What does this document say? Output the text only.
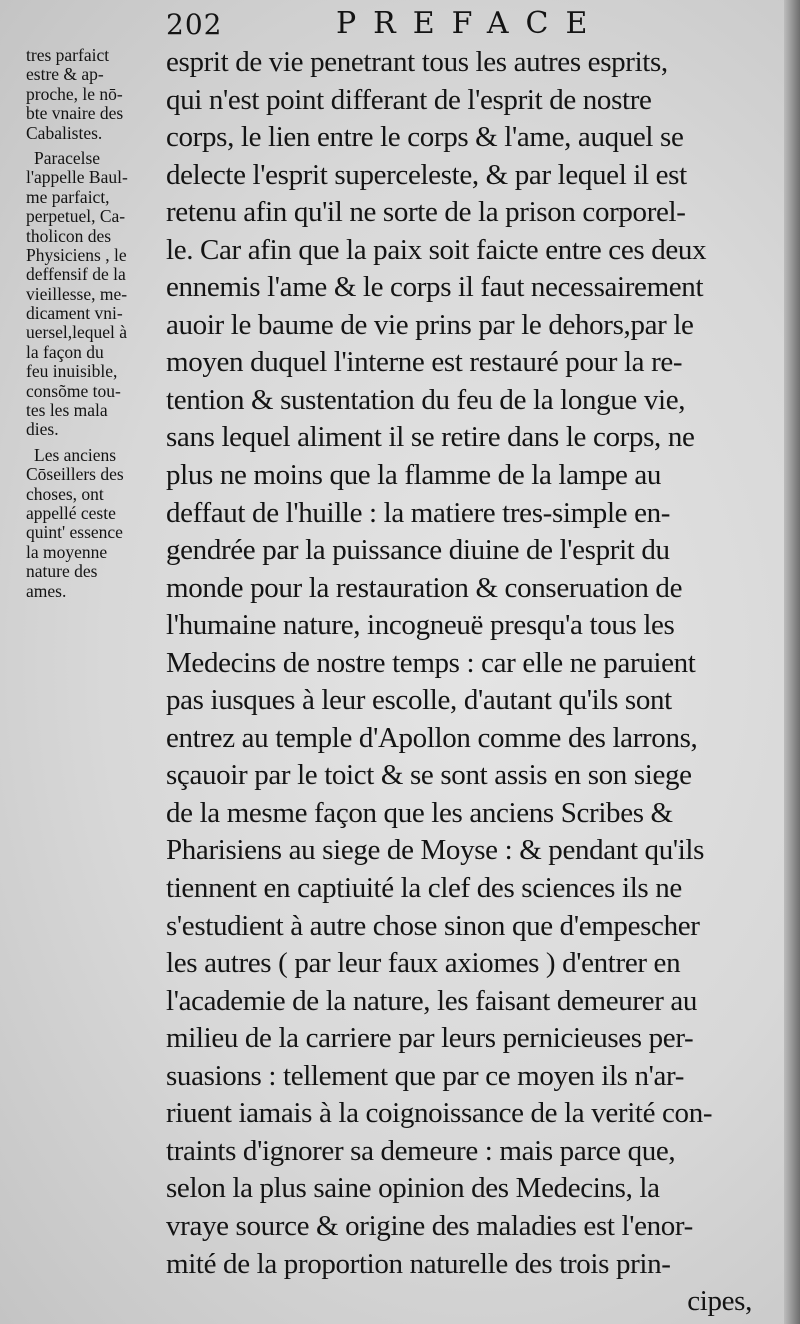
202	PREFACE
tres parfaict
estre & ap-
proche, le nō-
bte vnaire des
Cabalistes.
Paracelse
l'appelle Baul-
me parfaict,
perpetuel, Ca-
tholicon des
Physiciens , le
deffensif de la
vieillesse, me-
dicament vni-
uersel,lequel à
la façon du
feu inuisible,
consõme tou-
tes les mala
dies.
Les anciens
Cōseillers des
choses, ont
appellé ceste
quint' essence
la moyenne
nature des
ames.
esprit de vie penetrant tous les autres esprits,
qui n'est point differant de l'esprit de nostre
corps, le lien entre le corps & l'ame, auquel se
delecte l'esprit superceleste, & par lequel il est
retenu afin qu'il ne sorte de la prison corporel-
le. Car afin que la paix soit faicte entre ces deux
ennemis l'ame & le corps il faut necessairement
auoir le baume de vie prins par le dehors,par le
moyen duquel l'interne est restauré pour la re-
tention & sustentation du feu de la longue vie,
sans lequel aliment il se retire dans le corps, ne
plus ne moins que la flamme de la lampe au
deffaut de l'huille : la matiere tres-simple en-
gendrée par la puissance diuine de l'esprit du
monde pour la restauration & conseruation de
l'humaine nature, incogneuë presqu'a tous les
Medecins de nostre temps : car elle ne paruient
pas iusques à leur escolle, d'autant qu'ils sont
entrez au temple d'Apollon comme des larrons,
sçauoir par le toict & se sont assis en son siege
de la mesme façon que les anciens Scribes &
Pharisiens au siege de Moyse : & pendant qu'ils
tiennent en captiuité la clef des sciences ils ne
s'estudient à autre chose sinon que d'empescher
les autres ( par leur faux axiomes ) d'entrer en
l'academie de la nature, les faisant demeurer au
milieu de la carriere par leurs pernicieuses per-
suasions : tellement que par ce moyen ils n'ar-
riuent iamais à la coignoissance de la verité con-
traints d'ignorer sa demeure : mais parce que,
selon la plus saine opinion des Medecins, la
vraye source & origine des maladies est l'enor-
mité de la proportion naturelle des trois prin-
cipes,
